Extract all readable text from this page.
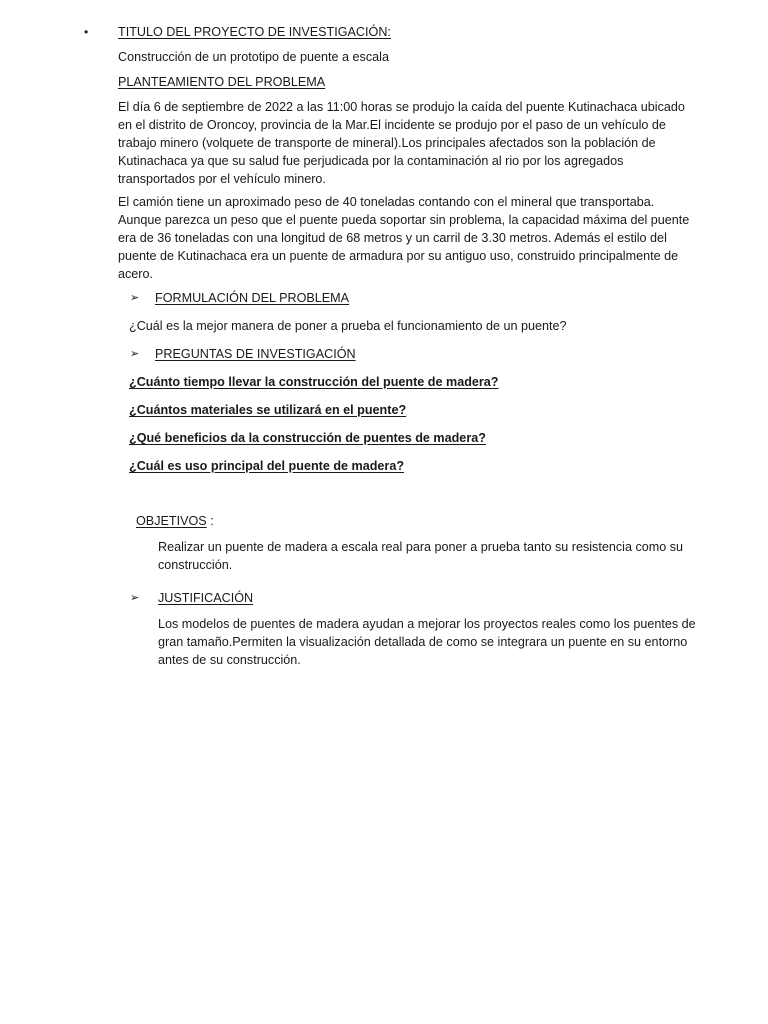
• TITULO DEL PROYECTO DE INVESTIGACIÓN:

Construcción de un prototipo de puente a escala

PLANTEAMIENTO DEL PROBLEMA

El día 6 de septiembre de 2022 a las 11:00 horas se produjo la caída del puente Kutinachaca ubicado en el distrito de Oroncoy, provincia de la Mar.El incidente se produjo por el paso de un vehículo de trabajo minero (volquete de transporte de mineral).Los principales afectados son la población de Kutinachaca ya que su salud fue perjudicada por la contaminación al rio por los agregados transportados por el vehículo minero.

El camión tiene un aproximado peso de 40 toneladas contando con el mineral que transportaba. Aunque parezca un peso que el puente pueda soportar sin problema, la capacidad máxima del puente era de 36 toneladas con una longitud de 68 metros y un carril de 3.30 metros. Además el estilo del puente de Kutinachaca era un puente de armadura por su antiguo uso, construido principalmente de acero.

➢ FORMULACIÓN DEL PROBLEMA

¿Cuál es la mejor manera de poner a prueba el funcionamiento de un puente?

➢ PREGUNTAS DE INVESTIGACIÓN

¿Cuánto tiempo llevar la construcción del puente de madera?

¿Cuántos materiales se utilizará en el puente?

¿Qué beneficios da la construcción de puentes de madera?

¿Cuál es uso principal del puente de madera?

OBJETIVOS :

Realizar un puente de madera a escala real para poner a prueba tanto su resistencia como su construcción.

➢ JUSTIFICACIÓN

Los modelos de puentes de madera ayudan a mejorar los proyectos reales como los puentes de gran tamaño.Permiten la visualización detallada de como se integrara un puente en su entorno antes de su construcción.
